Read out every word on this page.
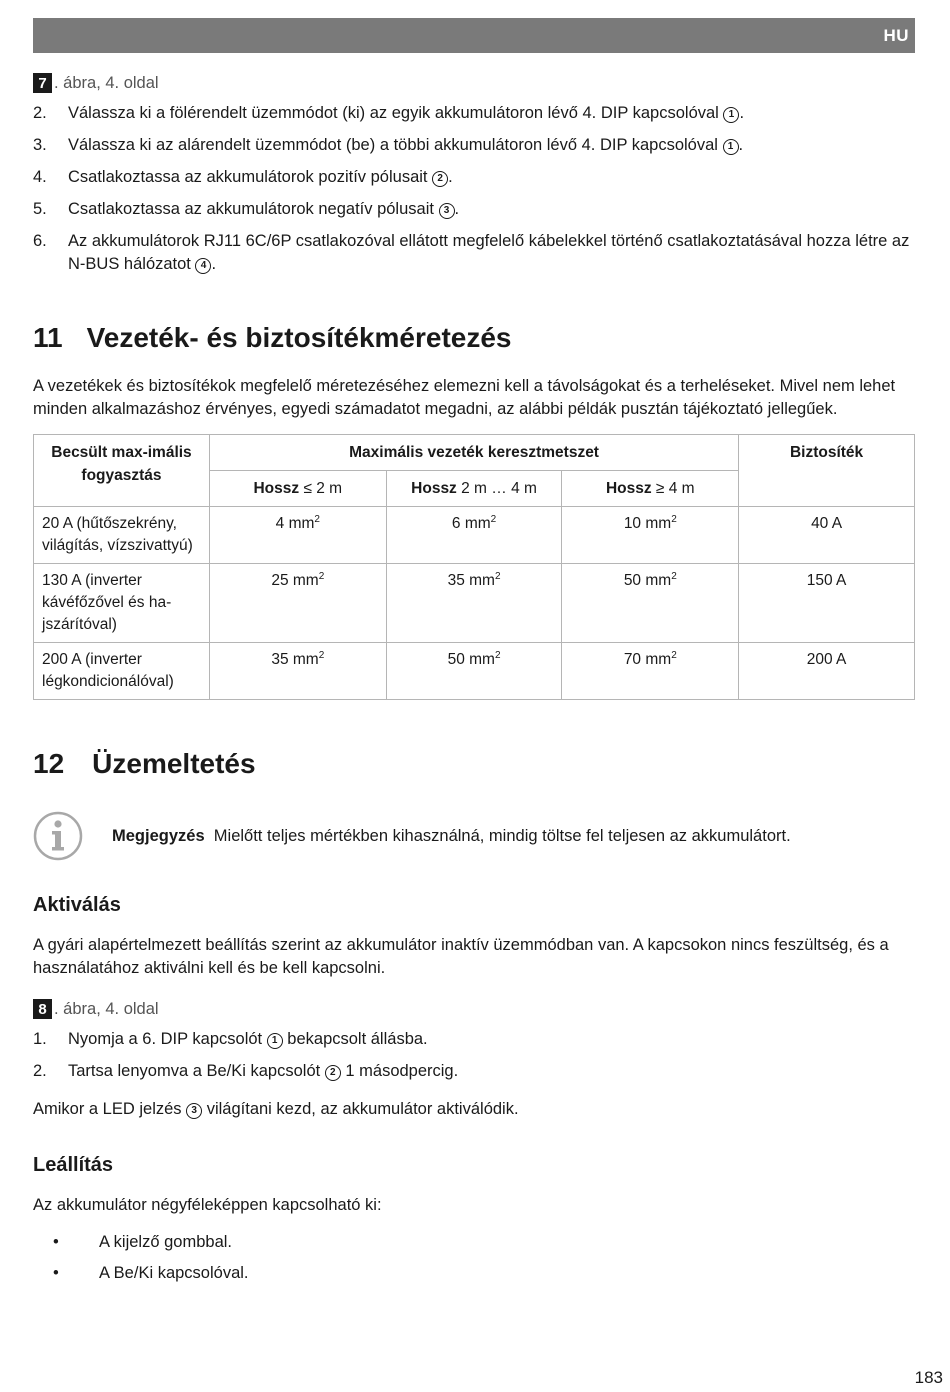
HU
7 . ábra, 4. oldal
2.	Válassza ki a fölérendelt üzemmódot (ki) az egyik akkumulátoron lévő 4. DIP kapcsolóval 1 .
3.	Válassza ki az alárendelt üzemmódot (be) a többi akkumulátoron lévő 4. DIP kapcsolóval 1 .
4.	Csatlakoztassa az akkumulátorok pozitív pólusait 2 .
5.	Csatlakoztassa az akkumulátorok negatív pólusait 3 .
6.	Az akkumulátorok RJ11 6C/6P csatlakozóval ellátott megfelelő kábelekkel történő csatlakoztatásával hozza létre az N-BUS hálózatot 4 .
11 Vezeték- és biztosítékméretezés

A vezetékek és biztosítékok megfelelő méretezéséhez elemezni kell a távolságokat és a terheléseket. Mivel nem lehet minden alkalmazáshoz érvényes, egyedi számadatot megadni, az alábbi példák pusztán tájékoztató jellegűek.

Becsült max-imális fogyasztás	Maximális vezeték keresztmetszet			Biztosíték
	Hossz ≤ 2 m	Hossz 2 m … 4 m	Hossz ≥ 4 m	
20 A (hűtőszekrény, világítás, vízszivattyú)	4 $mm^2$	6 $mm^2$	10 $mm^2$	40 A
130 A (inverter kávéfőzővel és ha-jszárítóval)	25 $mm^2$	35 $mm^2$	50 $mm^2$	150 A
200 A (inverter légkondicionálóval)	35 $mm^2$	50 $mm^2$	70 $mm^2$	200 A
12 Üzemeltetés

Megjegyzés Mielőtt teljes mértékben kihasználná, mindig töltse fel teljesen az akkumulátort.

Aktiválás

A gyári alapértelmezett beállítás szerint az akkumulátor inaktív üzemmódban van. A kapcsokon nincs feszültség, és a használatához aktiválni kell és be kell kapcsolni.

8 . ábra, 4. oldal
1.	Nyomja a 6. DIP kapcsolót 1 bekapcsolt állásba.
2.	Tartsa lenyomva a Be/Ki kapcsolót 2 1 másodpercig.

Amikor a LED jelzés 3 világítani kezd, az akkumulátor aktiválódik.

Leállítás

Az akkumulátor négyféleképpen kapcsolható ki:

•	A kijelző gombbal.
•	A Be/Ki kapcsolóval.
183
